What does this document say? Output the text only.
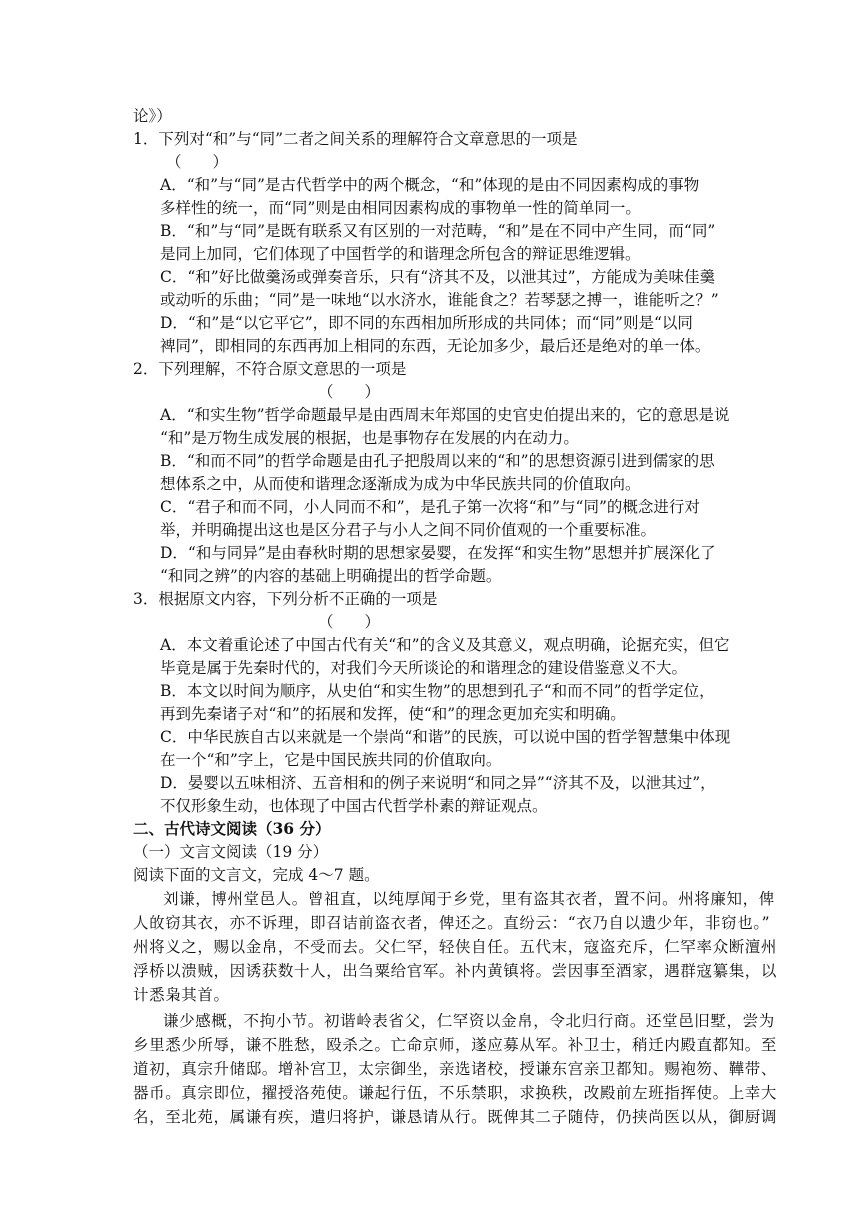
论》）
1．下列对“和”与“同”二者之间关系的理解符合文章意思的一项是
（　　）
A．“和”与“同”是古代哲学中的两个概念，“和”体现的是由不同因素构成的事物
多样性的统一，而“同”则是由相同因素构成的事物单一性的简单同一。
B．“和”与“同”是既有联系又有区别的一对范畴，“和”是在不同中产生同，而“同”
是同上加同，它们体现了中国哲学的和谐理念所包含的辩证思维逻辑。
C．“和”好比做羹汤或弹奏音乐，只有“济其不及，以泄其过”，方能成为美味佳羹
或动听的乐曲；“同”是一味地“以水济水，谁能食之？若琴瑟之搏一，谁能听之？”
D．“和”是“以它平它”，即不同的东西相加所形成的共同体；而“同”则是“以同
裨同”，即相同的东西再加上相同的东西，无论加多少，最后还是绝对的单一体。
2．下列理解，不符合原文意思的一项是
（　　）
A．“和实生物”哲学命题最早是由西周末年郑国的史官史伯提出来的，它的意思是说
“和”是万物生成发展的根据，也是事物存在发展的内在动力。
B．“和而不同”的哲学命题是由孔子把殷周以来的“和”的思想资源引进到儒家的思
想体系之中，从而使和谐理念逐渐成为成为中华民族共同的价值取向。
C．“君子和而不同，小人同而不和”，是孔子第一次将“和”与“同”的概念进行对
举，并明确提出这也是区分君子与小人之间不同价值观的一个重要标准。
D．“和与同异”是由春秋时期的思想家晏婴，在发挥“和实生物”思想并扩展深化了
“和同之辨”的内容的基础上明确提出的哲学命题。
3．根据原文内容，下列分析不正确的一项是
（　　）
A．本文着重论述了中国古代有关“和”的含义及其意义，观点明确，论据充实，但它
毕竟是属于先秦时代的，对我们今天所谈论的和谐理念的建设借鉴意义不大。
B．本文以时间为顺序，从史伯“和实生物”的思想到孔子“和而不同”的哲学定位，
再到先秦诸子对“和”的拓展和发挥，使“和”的理念更加充实和明确。
C．中华民族自古以来就是一个崇尚“和谐”的民族，可以说中国的哲学智慧集中体现
在一个“和”字上，它是中国民族共同的价值取向。
D．晏婴以五味相济、五音相和的例子来说明“和同之异”“济其不及，以泄其过”，
不仅形象生动，也体现了中国古代哲学朴素的辩证观点。
二、古代诗文阅读（36 分）
（一）文言文阅读（19 分）
阅读下面的文言文，完成 4～7 题。
刘谦，博州堂邑人。曾祖直，以纯厚闻于乡党，里有盗其衣者，置不问。州将廉知，俾
人敀窃其衣，亦不诉理，即召诘前盗衣者，俾还之。直纷云：“衣乃自以遗少年，非窃也。”
州将义之，赐以金帛，不受而去。父仁罕，轻侠自任。五代末，寇盗充斥，仁罕率众断澶州
浮桥以溃贼，因诱获数十人，出刍粟给官军。补内黄镇将。尝因事至酒家，遇群寇纂集，以
计悉枭其首。
谦少感概，不拘小节。初谐岭表省父，仁罕资以金帛，令北归行商。还堂邑旧墅，尝为
乡里悉少所辱，谦不胜愁，殴杀之。亡命京师，遂应募从军。补卫士，稍迁内殿直都知。至
道初，真宗升储邸。增补宫卫，太宗御坐，亲选诸校，授谦东宫亲卫都知。赐袍笏、鞾带、
器币。真宗即位，擢授洛苑使。谦起行伍，不乐禁职，求换秩，改殿前左班指挥使。上幸大
名，至北苑，属谦有疾，遣归将护，谦恳请从行。既俾其二子随侍，仍挟尚医以从，御厨调
